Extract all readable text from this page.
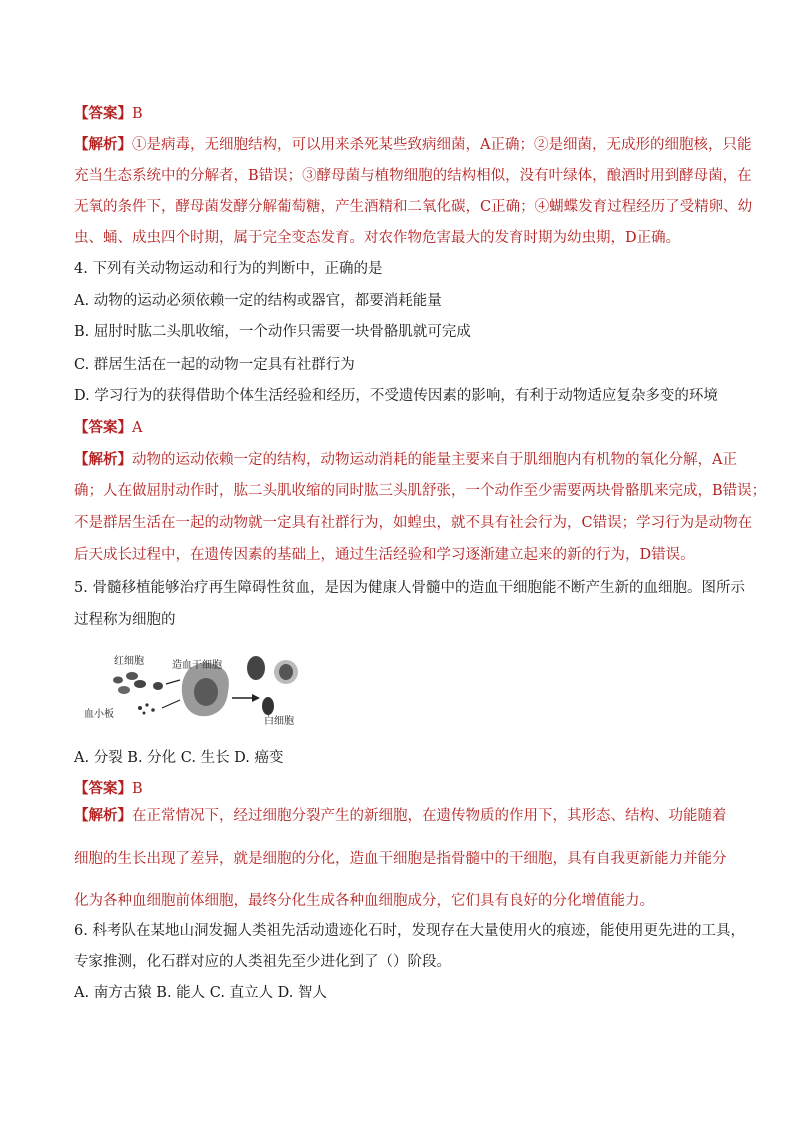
【答案】B
【解析】①是病毒，无细胞结构，可以用来杀死某些致病细菌，A正确；②是细菌，无成形的细胞核，只能
充当生态系统中的分解者，B错误；③酵母菌与植物细胞的结构相似，没有叶绿体，酿酒时用到酵母菌，在
无氧的条件下，酵母菌发酵分解葡萄糖，产生酒精和二氧化碳，C正确；④蝴蝶发育过程经历了受精卵、幼
虫、蛹、成虫四个时期，属于完全变态发育。对农作物危害最大的发育时期为幼虫期，D正确。
4. 下列有关动物运动和行为的判断中，正确的是
A. 动物的运动必须依赖一定的结构或器官，都要消耗能量
B. 屈肘时肱二头肌收缩，一个动作只需要一块骨骼肌就可完成
C. 群居生活在一起的动物一定具有社群行为
D. 学习行为的获得借助个体生活经验和经历，不受遗传因素的影响，有利于动物适应复杂多变的环境
【答案】A
【解析】动物的运动依赖一定的结构，动物运动消耗的能量主要来自于肌细胞内有机物的氧化分解，A正
确；人在做屈肘动作时，肱二头肌收缩的同时肱三头肌舒张，一个动作至少需要两块骨骼肌来完成，B错误；
不是群居生活在一起的动物就一定具有社群行为，如蝗虫，就不具有社会行为，C错误；学习行为是动物在
后天成长过程中，在遗传因素的基础上，通过生活经验和学习逐渐建立起来的新的行为，D错误。
5. 骨髓移植能够治疗再生障碍性贫血，是因为健康人骨髓中的造血干细胞能不断产生新的血细胞。图所示
过程称为细胞的
红细胞	造血干细胞
血小板
白细胞
A. 分裂 B. 分化 C. 生长 D. 癌变
【答案】B
【解析】在正常情况下，经过细胞分裂产生的新细胞，在遗传物质的作用下，其形态、结构、功能随着
细胞的生长出现了差异，就是细胞的分化，造血干细胞是指骨髓中的干细胞，具有自我更新能力并能分
化为各种血细胞前体细胞，最终分化生成各种血细胞成分，它们具有良好的分化增值能力。
6. 科考队在某地山洞发掘人类祖先活动遗迹化石时，发现存在大量使用火的痕迹，能使用更先进的工具，
专家推测，化石群对应的人类祖先至少进化到了（）阶段。
A. 南方古猿 B. 能人 C. 直立人 D. 智人
